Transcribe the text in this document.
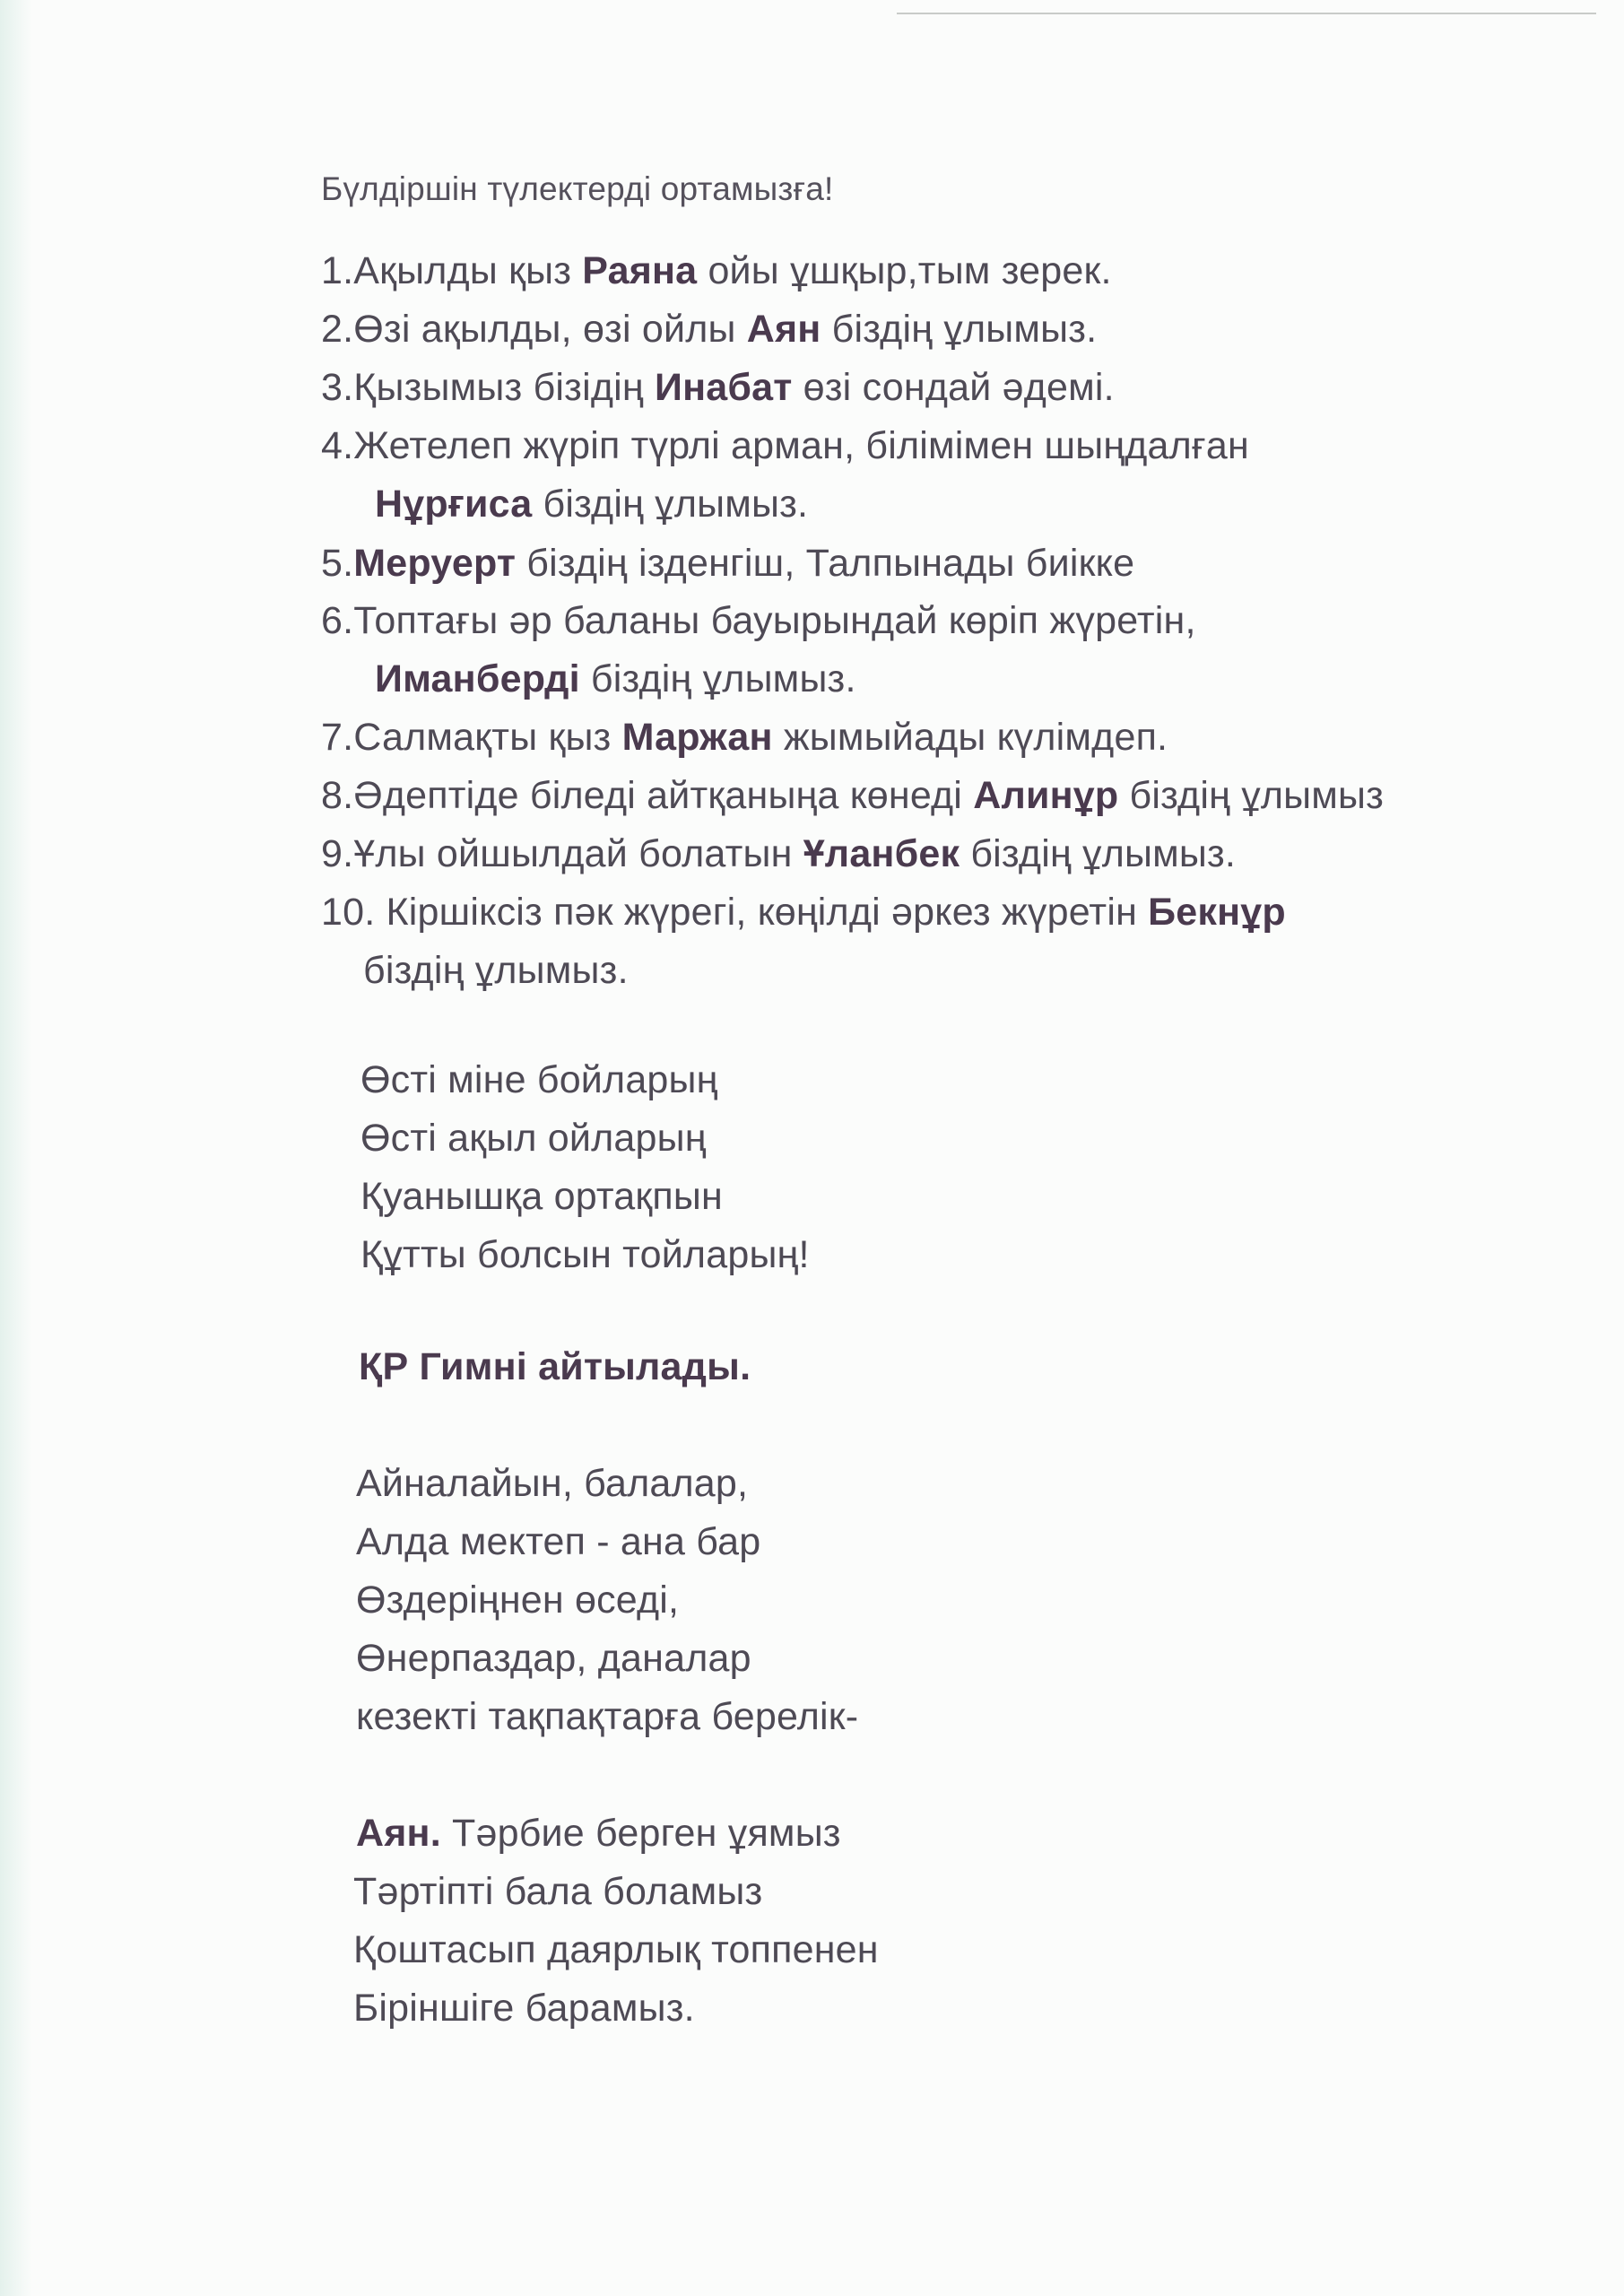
Бүлдіршін түлектерді ортамызға!
1.Ақылды қыз Раяна ойы ұшқыр,тым зерек.
2.Өзі ақылды, өзі ойлы Аян біздің ұлымыз.
3.Қызымыз бізідің Инабат өзі сондай әдемі.
4.Жетелеп жүріп түрлі арман, білімімен шыңдалған
Нұрғиса біздің ұлымыз.
5.Меруерт біздің ізденгіш, Талпынады биікке
6.Топтағы әр баланы бауырындай көріп жүретін,
Иманберді біздің ұлымыз.
7.Салмақты қыз Маржан жымыйады күлімдеп.
8.Әдептіде біледі айтқаныңа көнеді Алинұр біздің ұлымыз
9.Ұлы ойшылдай болатын Ұланбек біздің ұлымыз.
10. Кіршіксіз пәк жүрегі, көңілді әркез жүретін Бекнұр
біздің ұлымыз.
Өсті міне бойларың
Өсті ақыл ойларың
Қуанышқа ортақпын
Құтты болсын тойларың!
ҚР Гимні айтылады.
Айналайын, балалар,
Алда мектеп - ана бар
Өздеріңнен өседі,
Өнерпаздар, даналар
кезекті тақпақтарға берелік-
Аян. Тәрбие берген ұямыз
Тәртіпті бала боламыз
Қоштасып даярлық топпенен
Біріншіге барамыз.
